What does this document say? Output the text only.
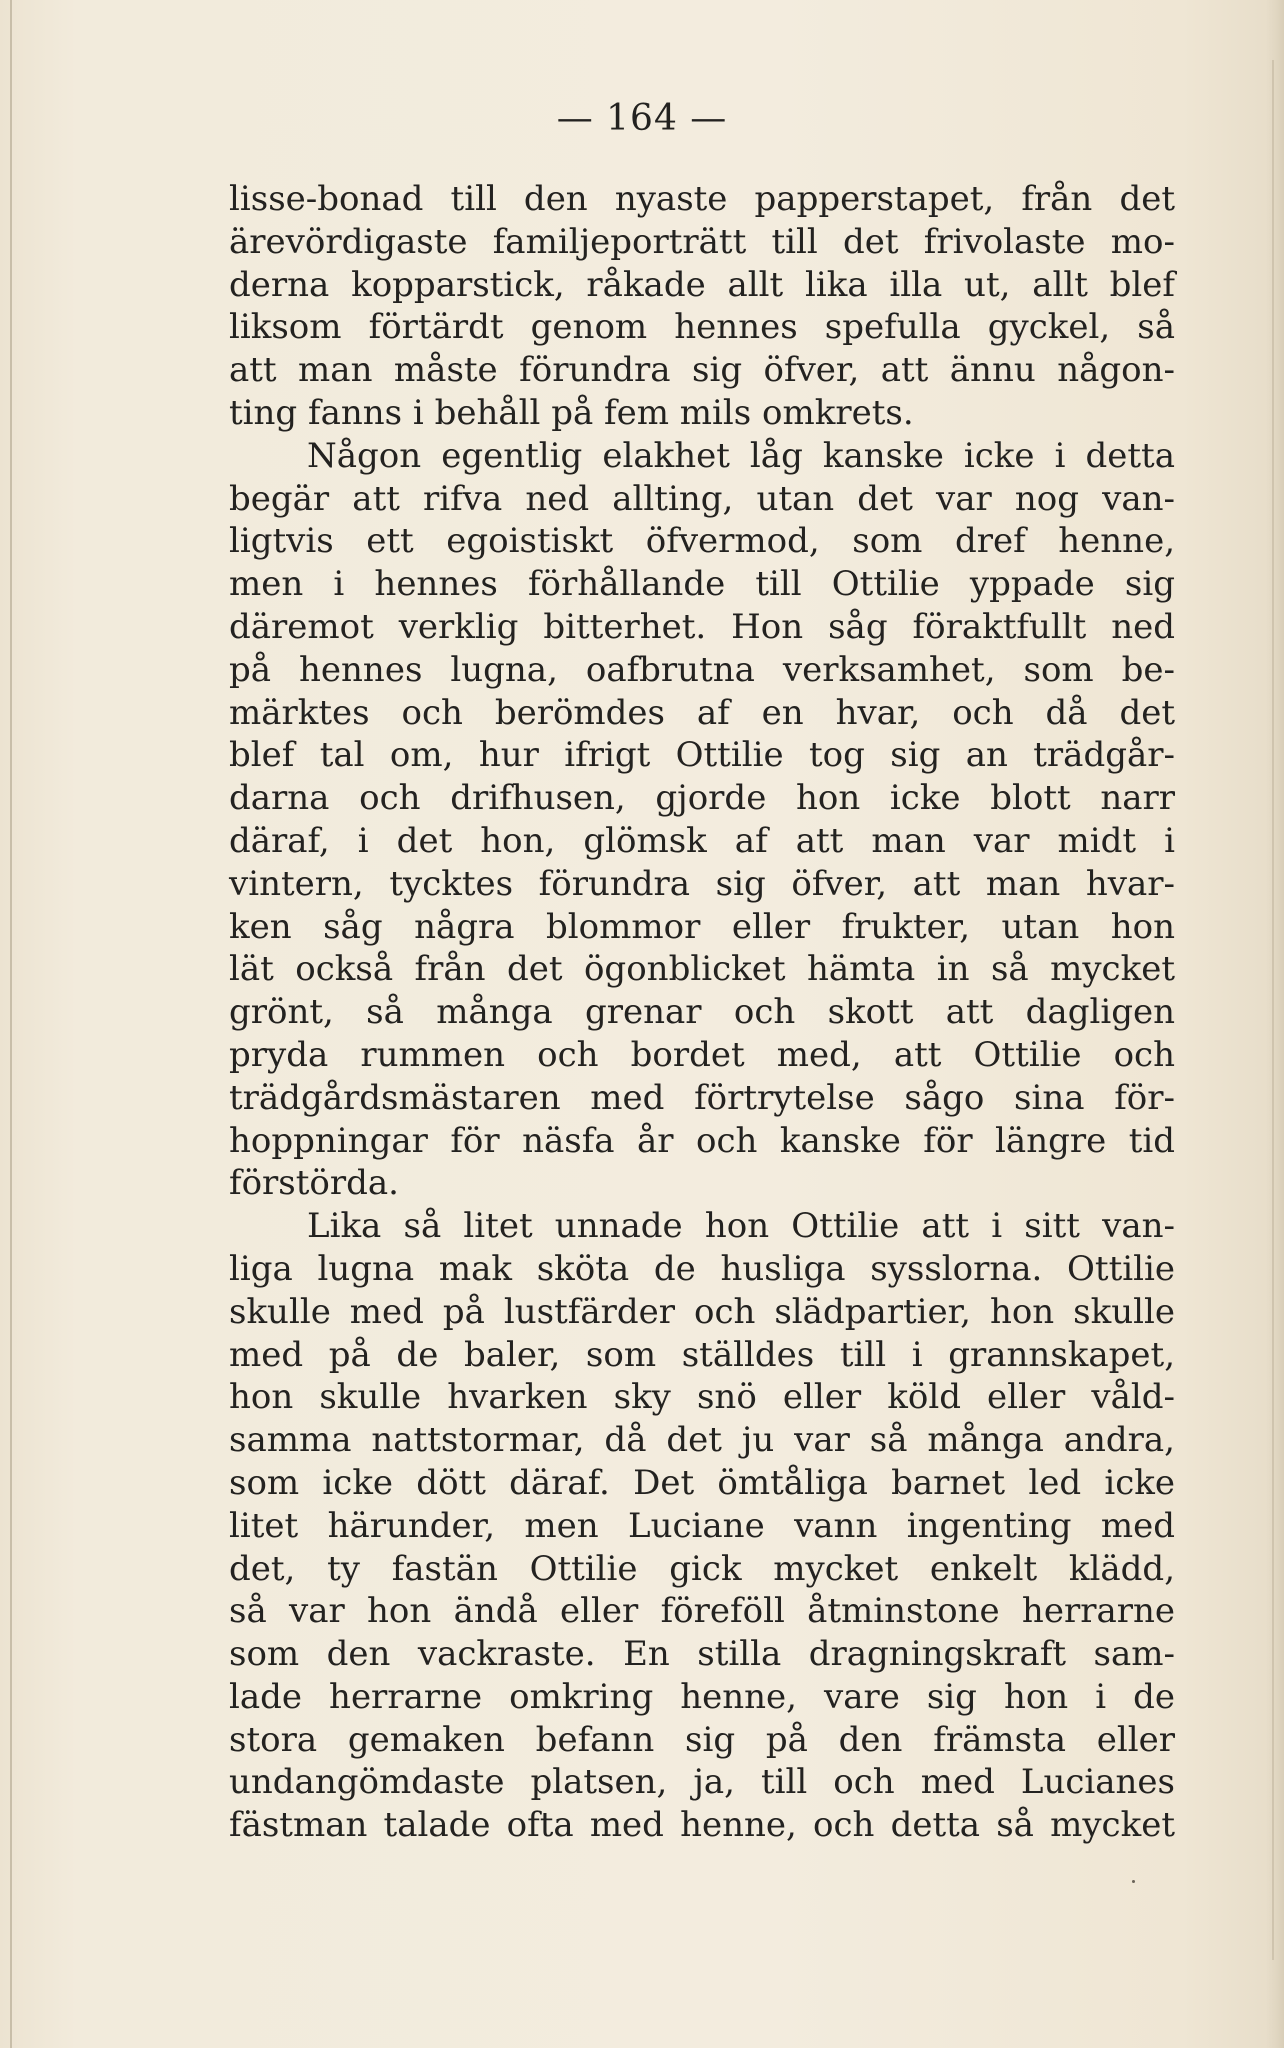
— 164 —
lisse-bonad till den nyaste papperstapet, från det
ärevördigaste familjeporträtt till det frivolaste mo-
derna kopparstick, råkade allt lika illa ut, allt blef
liksom förtärdt genom hennes spefulla gyckel, så
att man måste förundra sig öfver, att ännu någon-
ting fanns i behåll på fem mils omkrets.
Någon egentlig elakhet låg kanske icke i detta
begär att rifva ned allting, utan det var nog van-
ligtvis ett egoistiskt öfvermod, som dref henne,
men i hennes förhållande till Ottilie yppade sig
däremot verklig bitterhet. Hon såg föraktfullt ned
på hennes lugna, oafbrutna verksamhet, som be-
märktes och berömdes af en hvar, och då det
blef tal om, hur ifrigt Ottilie tog sig an trädgår-
darna och drifhusen, gjorde hon icke blott narr
däraf, i det hon, glömsk af att man var midt i
vintern, tycktes förundra sig öfver, att man hvar-
ken såg några blommor eller frukter, utan hon
lät också från det ögonblicket hämta in så mycket
grönt, så många grenar och skott att dagligen
pryda rummen och bordet med, att Ottilie och
trädgårdsmästaren med förtrytelse sågo sina för-
hoppningar för näsfa år och kanske för längre tid
förstörda.
Lika så litet unnade hon Ottilie att i sitt van-
liga lugna mak sköta de husliga sysslorna. Ottilie
skulle med på lustfärder och slädpartier, hon skulle
med på de baler, som ställdes till i grannskapet,
hon skulle hvarken sky snö eller köld eller våld-
samma nattstormar, då det ju var så många andra,
som icke dött däraf. Det ömtåliga barnet led icke
litet härunder, men Luciane vann ingenting med
det, ty fastän Ottilie gick mycket enkelt klädd,
så var hon ändå eller föreföll åtminstone herrarne
som den vackraste. En stilla dragningskraft sam-
lade herrarne omkring henne, vare sig hon i de
stora gemaken befann sig på den främsta eller
undangömdaste platsen, ja, till och med Lucianes
fästman talade ofta med henne, och detta så mycket
